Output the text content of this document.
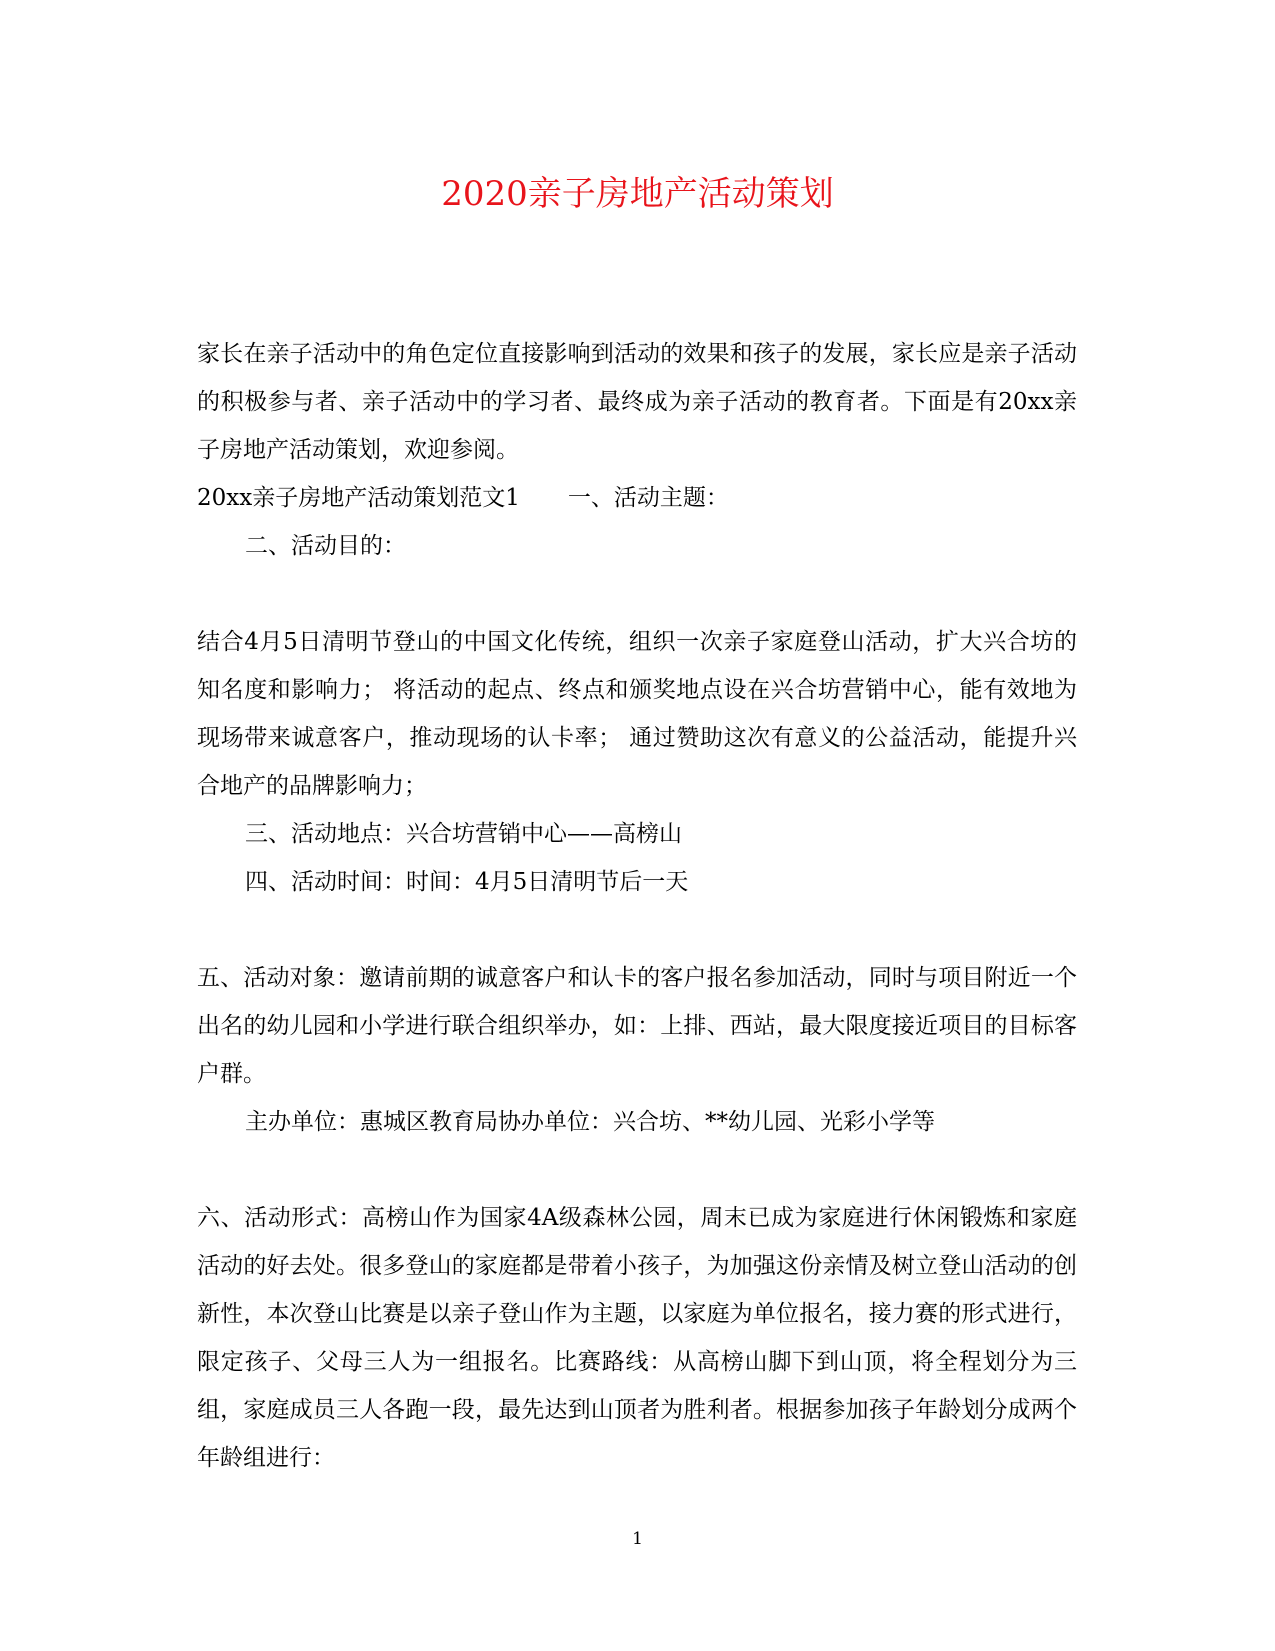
2020亲子房地产活动策划

家长在亲子活动中的角色定位直接影响到活动的效果和孩子的发展，家长应是亲子活动的积极参与者、亲子活动中的学习者、最终成为亲子活动的教育者。下面是有20xx亲子房地产活动策划，欢迎参阅。

20xx亲子房地产活动策划范文1 一、活动主题：

二、活动目的：

结合4月5日清明节登山的中国文化传统，组织一次亲子家庭登山活动，扩大兴合坊的知名度和影响力； 将活动的起点、终点和颁奖地点设在兴合坊营销中心，能有效地为现场带来诚意客户，推动现场的认卡率； 通过赞助这次有意义的公益活动，能提升兴合地产的品牌影响力；

三、活动地点：兴合坊营销中心——高榜山

四、活动时间：时间：4月5日清明节后一天

五、活动对象：邀请前期的诚意客户和认卡的客户报名参加活动，同时与项目附近一个出名的幼儿园和小学进行联合组织举办，如：上排、西站，最大限度接近项目的目标客户群。

主办单位：惠城区教育局协办单位：兴合坊、**幼儿园、光彩小学等

六、活动形式：高榜山作为国家4A级森林公园，周末已成为家庭进行休闲锻炼和家庭活动的好去处。很多登山的家庭都是带着小孩子，为加强这份亲情及树立登山活动的创新性，本次登山比赛是以亲子登山作为主题，以家庭为单位报名，接力赛的形式进行，限定孩子、父母三人为一组报名。比赛路线：从高榜山脚下到山顶，将全程划分为三组，家庭成员三人各跑一段，最先达到山顶者为胜利者。根据参加孩子年龄划分成两个年龄组进行：

1
